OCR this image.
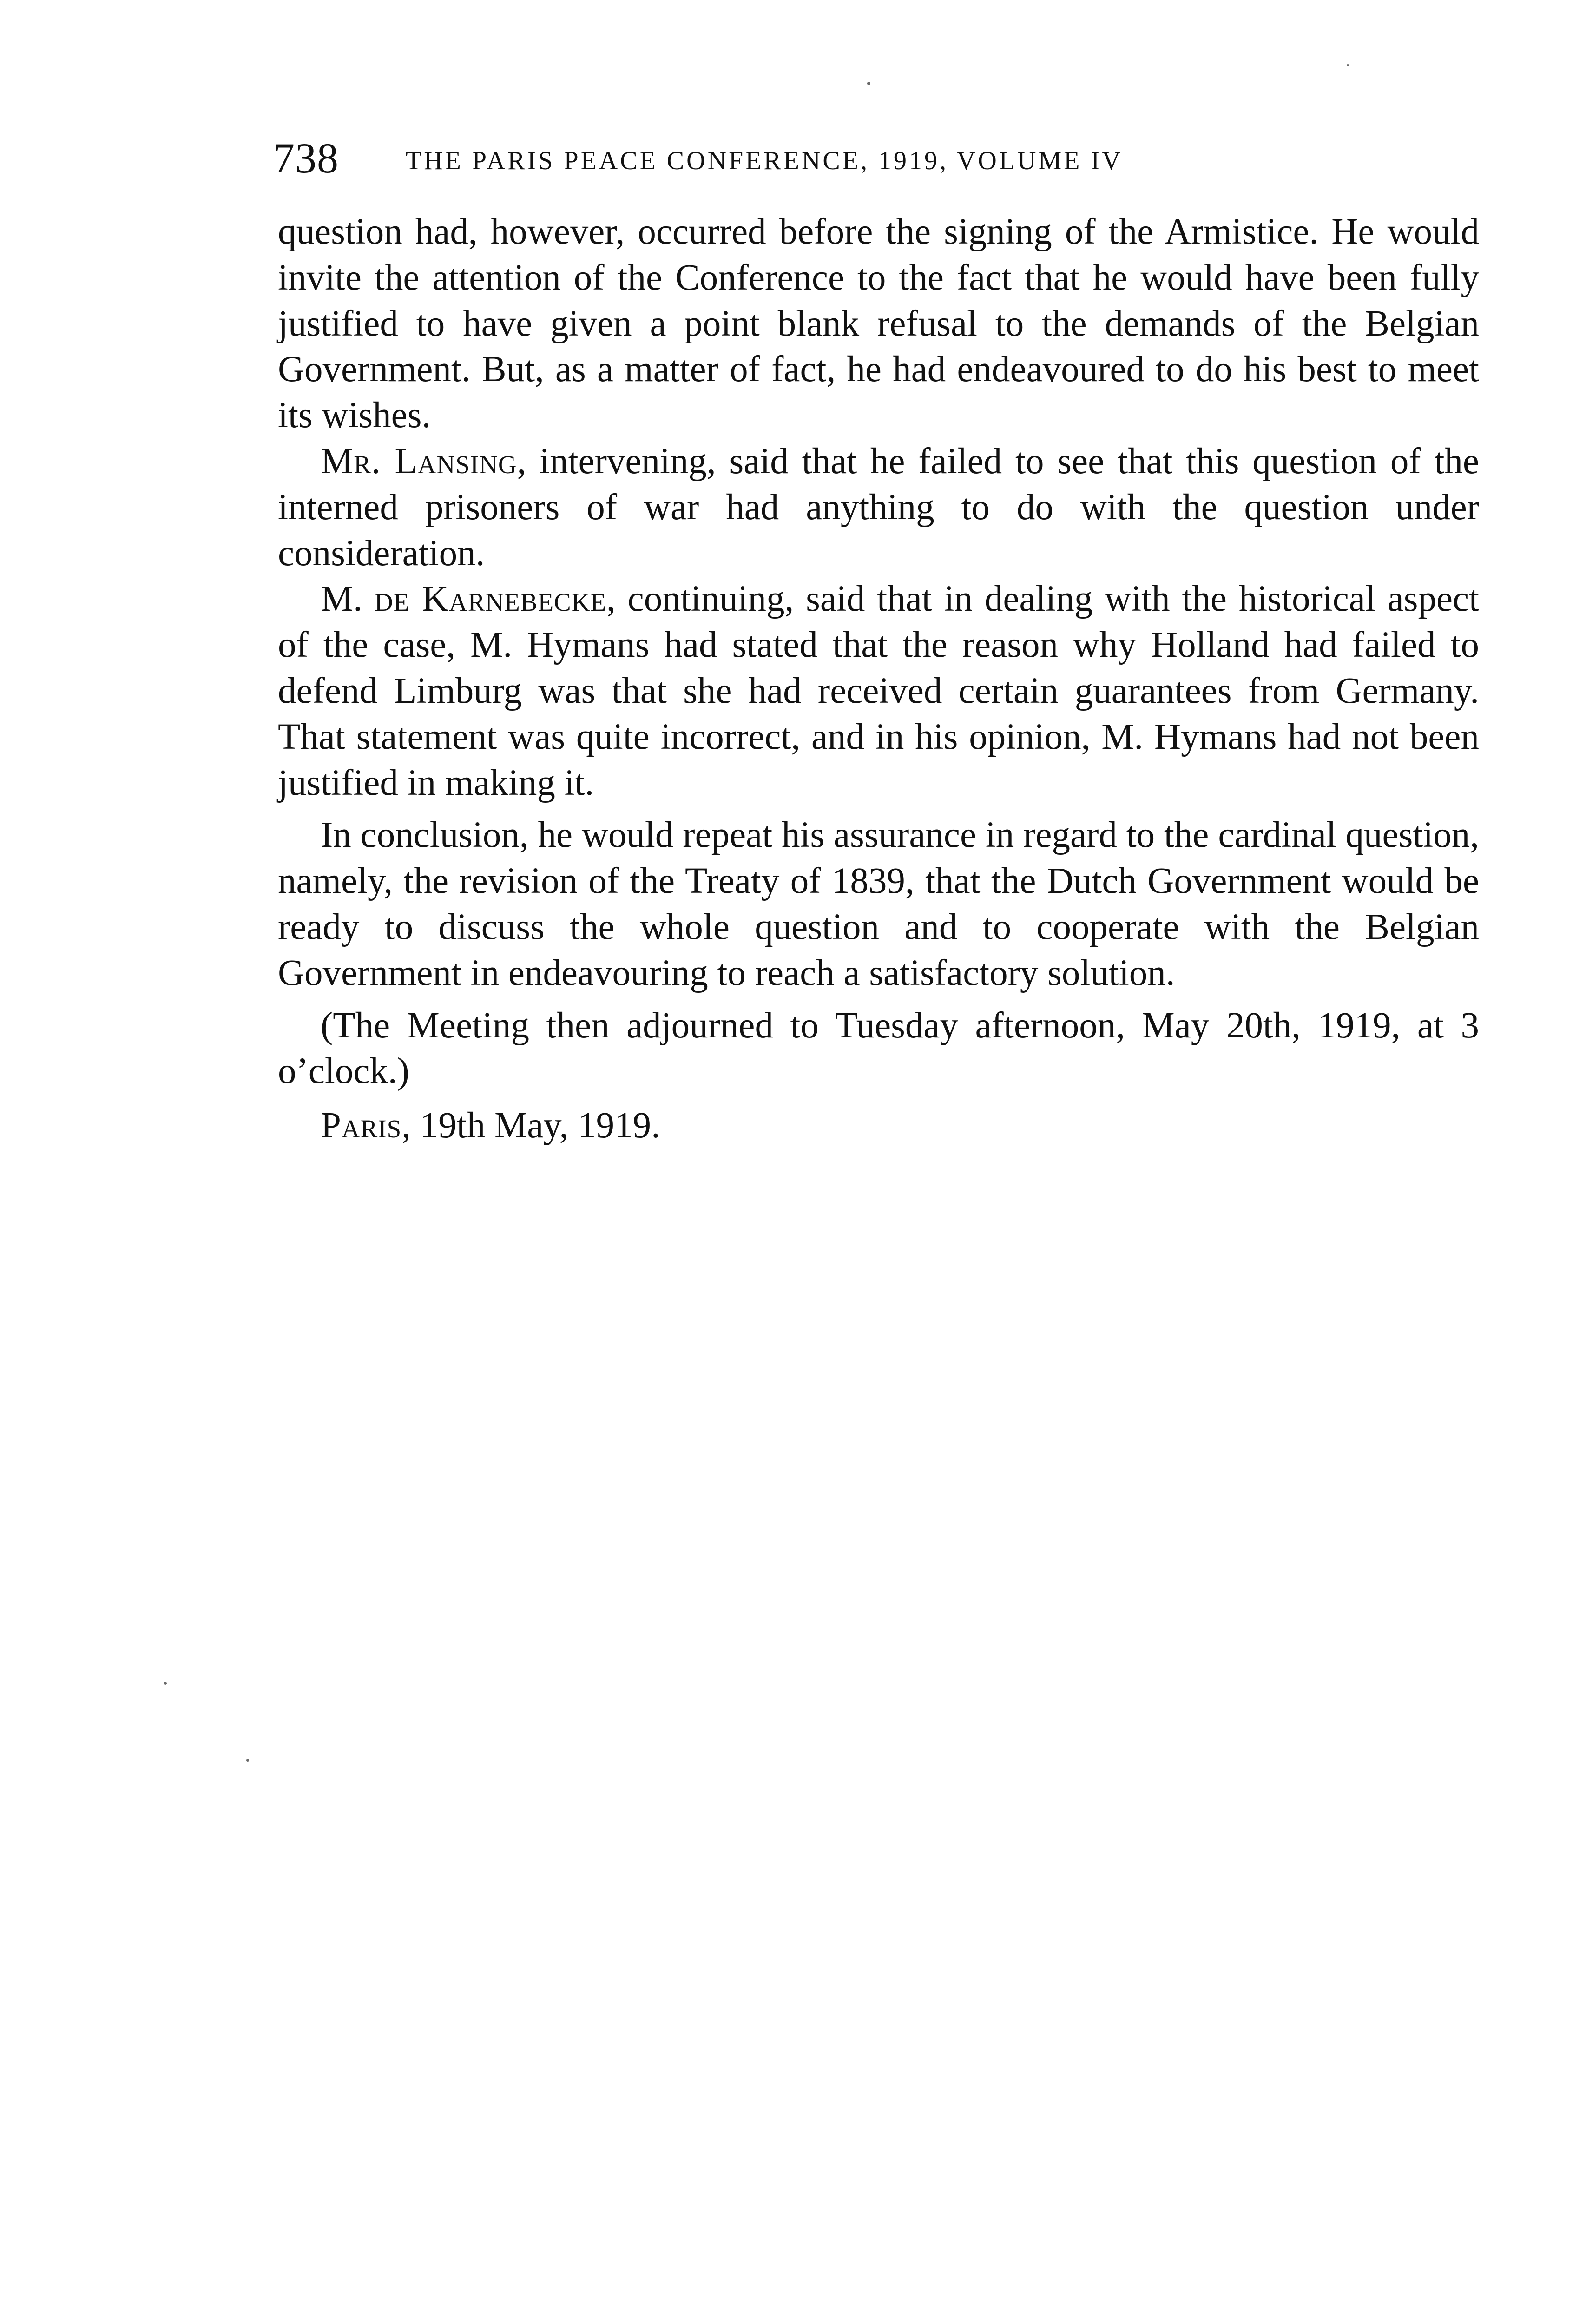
738	THE PARIS PEACE CONFERENCE, 1919, VOLUME IV

question had, however, occurred before the signing of the Armistice. He would invite the attention of the Conference to the fact that he would have been fully justified to have given a point blank refusal to the demands of the Belgian Government. But, as a matter of fact, he had endeavoured to do his best to meet its wishes.

Mr. Lansing, intervening, said that he failed to see that this question of the interned prisoners of war had anything to do with the question under consideration.

M. de Karnebecke, continuing, said that in dealing with the historical aspect of the case, M. Hymans had stated that the reason why Holland had failed to defend Limburg was that she had received certain guarantees from Germany. That statement was quite incorrect, and in his opinion, M. Hymans had not been justified in making it.

In conclusion, he would repeat his assurance in regard to the cardinal question, namely, the revision of the Treaty of 1839, that the Dutch Government would be ready to discuss the whole question and to cooperate with the Belgian Government in endeavouring to reach a satisfactory solution.

(The Meeting then adjourned to Tuesday afternoon, May 20th, 1919, at 3 o’clock.)

Paris, 19th May, 1919.
